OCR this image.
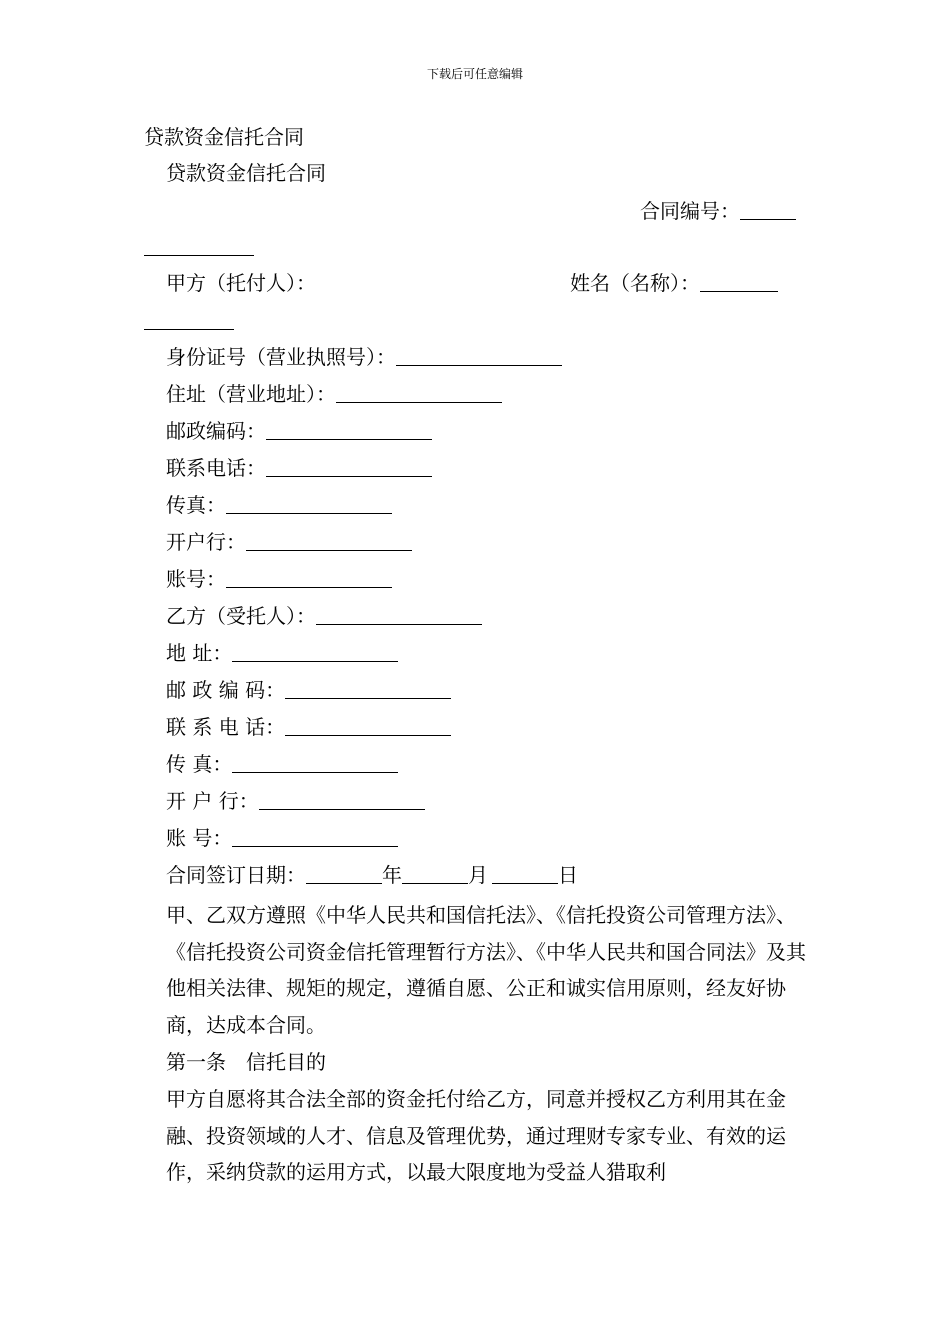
下载后可任意编辑
贷款资金信托合同
贷款资金信托合同
合同编号：
甲方（托付人）：	姓名（名称）：
身份证号（营业执照号）：
住址（营业地址）：
邮政编码：
联系电话：
传真：
开户行：
账号：
乙方（受托人）：
地 址：
邮 政 编 码：
联 系 电 话：
传 真：
开 户 行：
账 号：
合同签订日期：	年	月	日
甲、乙双方遵照《中华人民共和国信托法》、《信托投资公司管理方法》、《信托投资公司资金信托管理暂行方法》、《中华人民共和国合同法》及其他相关法律、规矩的规定，遵循自愿、公正和诚实信用原则，经友好协商，达成本合同。
第一条　信托目的
甲方自愿将其合法全部的资金托付给乙方，同意并授权乙方利用其在金融、投资领域的人才、信息及管理优势，通过理财专家专业、有效的运作，采纳贷款的运用方式，以最大限度地为受益人猎取利
